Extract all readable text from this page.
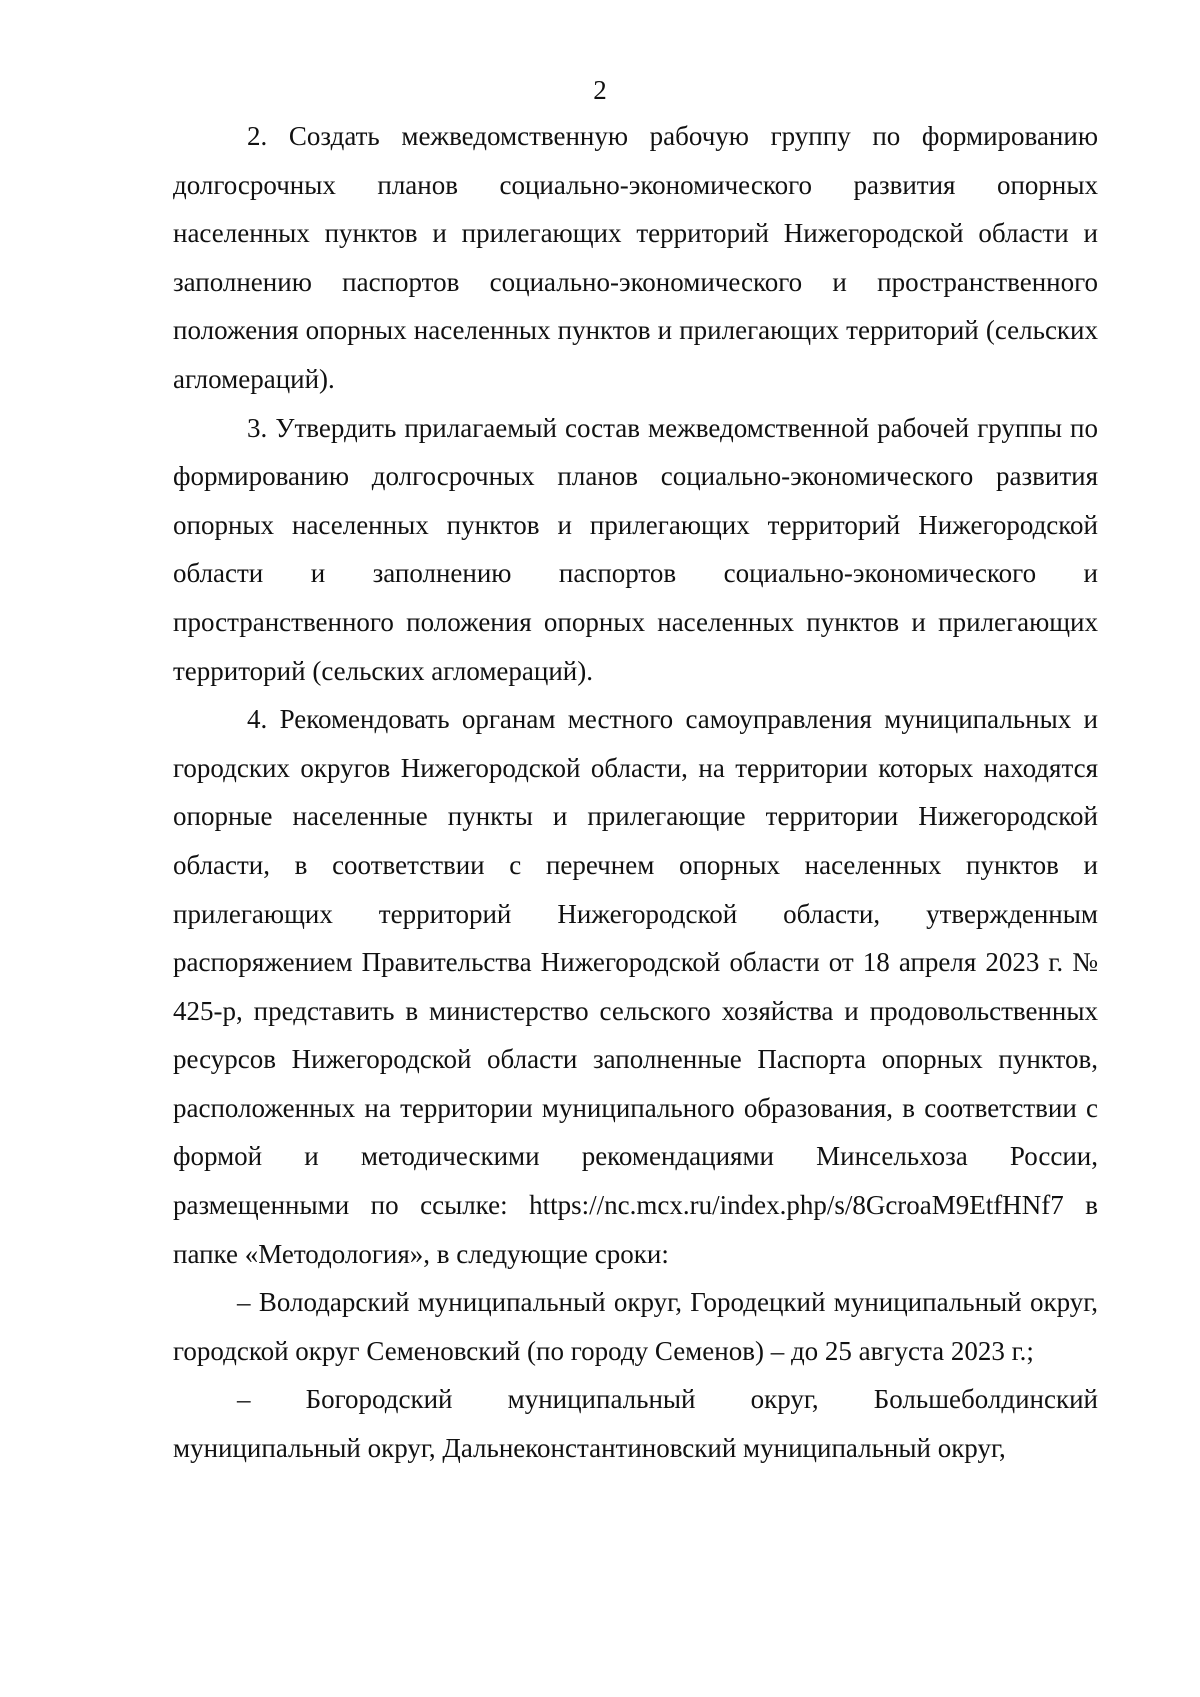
2

2. Создать межведомственную рабочую группу по формированию долгосрочных планов социально-экономического развития опорных населенных пунктов и прилегающих территорий Нижегородской области и заполнению паспортов социально-экономического и пространственного положения опорных населенных пунктов и прилегающих территорий (сельских агломераций).

3. Утвердить прилагаемый состав межведомственной рабочей группы по формированию долгосрочных планов социально-экономического развития опорных населенных пунктов и прилегающих территорий Нижегородской области и заполнению паспортов социально-экономического и пространственного положения опорных населенных пунктов и прилегающих территорий (сельских агломераций).

4. Рекомендовать органам местного самоуправления муниципальных и городских округов Нижегородской области, на территории которых находятся опорные населенные пункты и прилегающие территории Нижегородской области, в соответствии с перечнем опорных населенных пунктов и прилегающих территорий Нижегородской области, утвержденным распоряжением Правительства Нижегородской области от 18 апреля 2023 г. № 425-р, представить в министерство сельского хозяйства и продовольственных ресурсов Нижегородской области заполненные Паспорта опорных пунктов, расположенных на территории муниципального образования, в соответствии с формой и методическими рекомендациями Минсельхоза России, размещенными по ссылке: https://nc.mcx.ru/index.php/s/8GcroaM9EtfHNf7 в папке «Методология», в следующие сроки:

– Володарский муниципальный округ, Городецкий муниципальный округ, городской округ Семеновский (по городу Семенов) – до 25 августа 2023 г.;

– Богородский муниципальный округ, Большеболдинский муниципальный округ, Дальнеконстантиновский муниципальный округ,
